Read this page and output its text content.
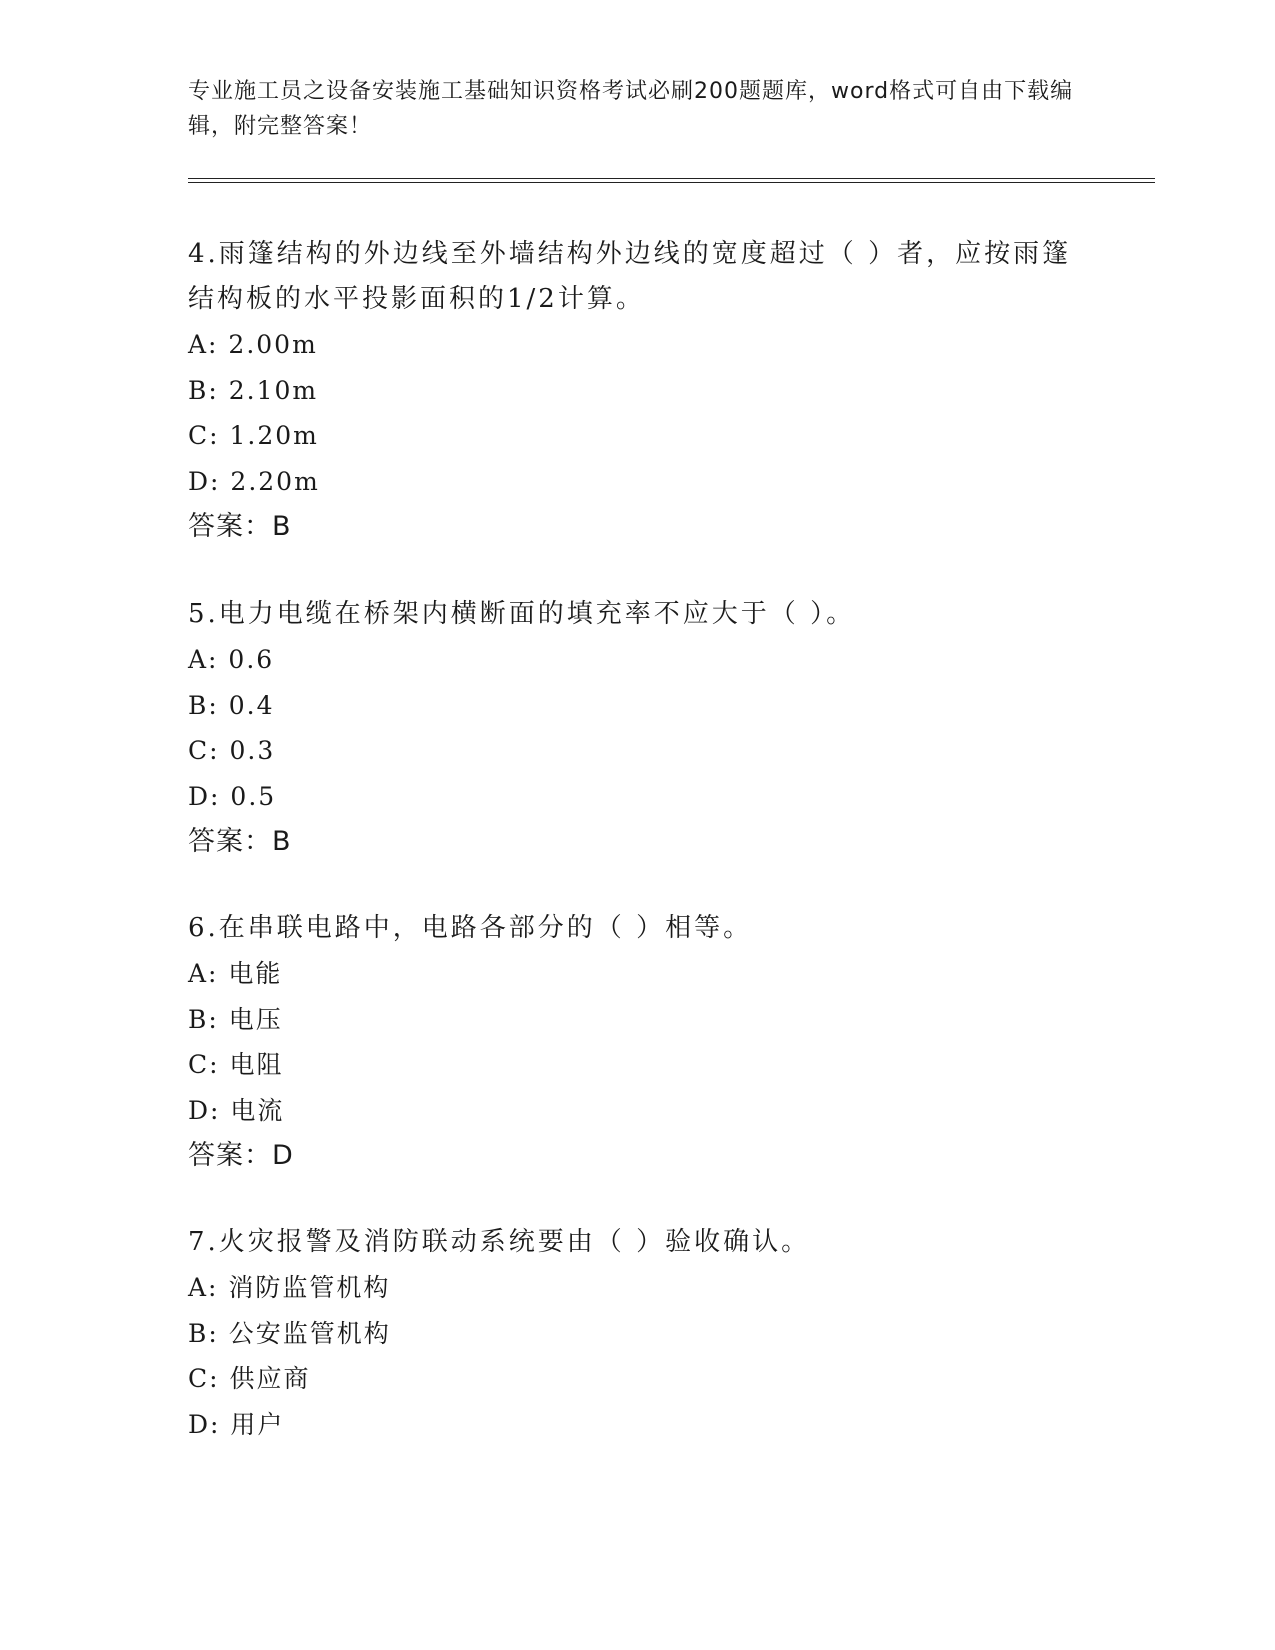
专业施工员之设备安装施工基础知识资格考试必刷200题题库，word格式可自由下载编辑，附完整答案！
4.雨篷结构的外边线至外墙结构外边线的宽度超过（ ）者，应按雨篷结构板的水平投影面积的1/2计算。
A: 2.00m
B: 2.10m
C: 1.20m
D: 2.20m
答案：B
5.电力电缆在桥架内横断面的填充率不应大于（ ）。
A: 0.6
B: 0.4
C: 0.3
D: 0.5
答案：B
6.在串联电路中，电路各部分的（ ）相等。
A: 电能
B: 电压
C: 电阻
D: 电流
答案：D
7.火灾报警及消防联动系统要由（ ）验收确认。
A: 消防监管机构
B: 公安监管机构
C: 供应商
D: 用户
